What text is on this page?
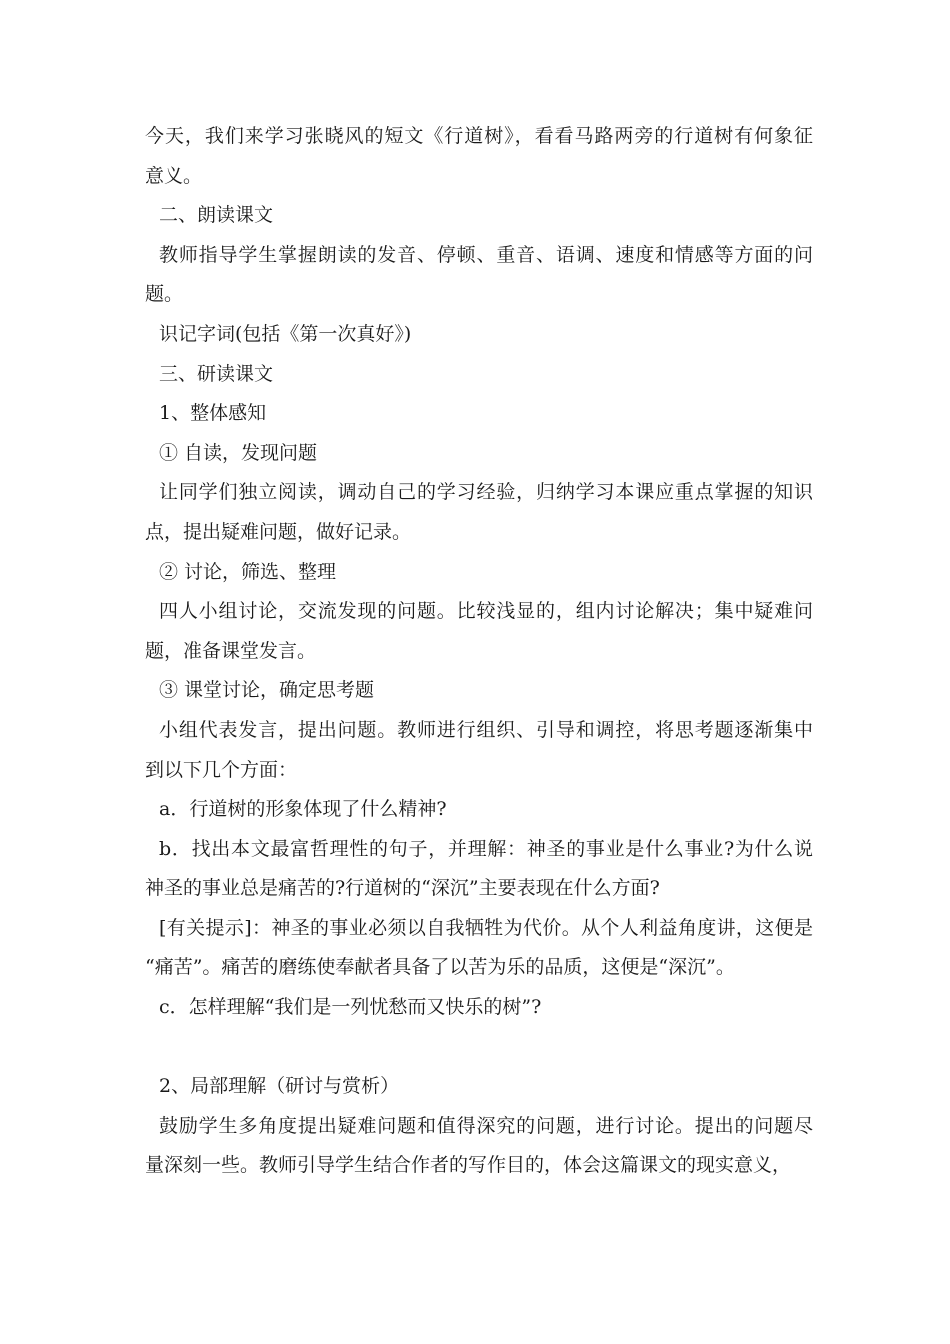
今天，我们来学习张晓风的短文《行道树》，看看马路两旁的行道树有何象征
意义。
二、朗读课文
教师指导学生掌握朗读的发音、停顿、重音、语调、速度和情感等方面的问
题。
识记字词(包括《第一次真好》)
三、研读课文
1、整体感知
① 自读，发现问题
让同学们独立阅读，调动自己的学习经验，归纳学习本课应重点掌握的知识
点，提出疑难问题，做好记录。
② 讨论，筛选、整理
四人小组讨论，交流发现的问题。比较浅显的，组内讨论解决；集中疑难问
题，准备课堂发言。
③ 课堂讨论，确定思考题
小组代表发言，提出问题。教师进行组织、引导和调控，将思考题逐渐集中
到以下几个方面：
a．行道树的形象体现了什么精神?
b．找出本文最富哲理性的句子，并理解：神圣的事业是什么事业?为什么说
神圣的事业总是痛苦的?行道树的“深沉”主要表现在什么方面?
[有关提示]：神圣的事业必须以自我牺牲为代价。从个人利益角度讲，这便是
“痛苦”。痛苦的磨练使奉献者具备了以苦为乐的品质，这便是“深沉”。
c．怎样理解“我们是一列忧愁而又快乐的树”?
2、局部理解（研讨与赏析）
鼓励学生多角度提出疑难问题和值得深究的问题，进行讨论。提出的问题尽
量深刻一些。教师引导学生结合作者的写作目的，体会这篇课文的现实意义，
